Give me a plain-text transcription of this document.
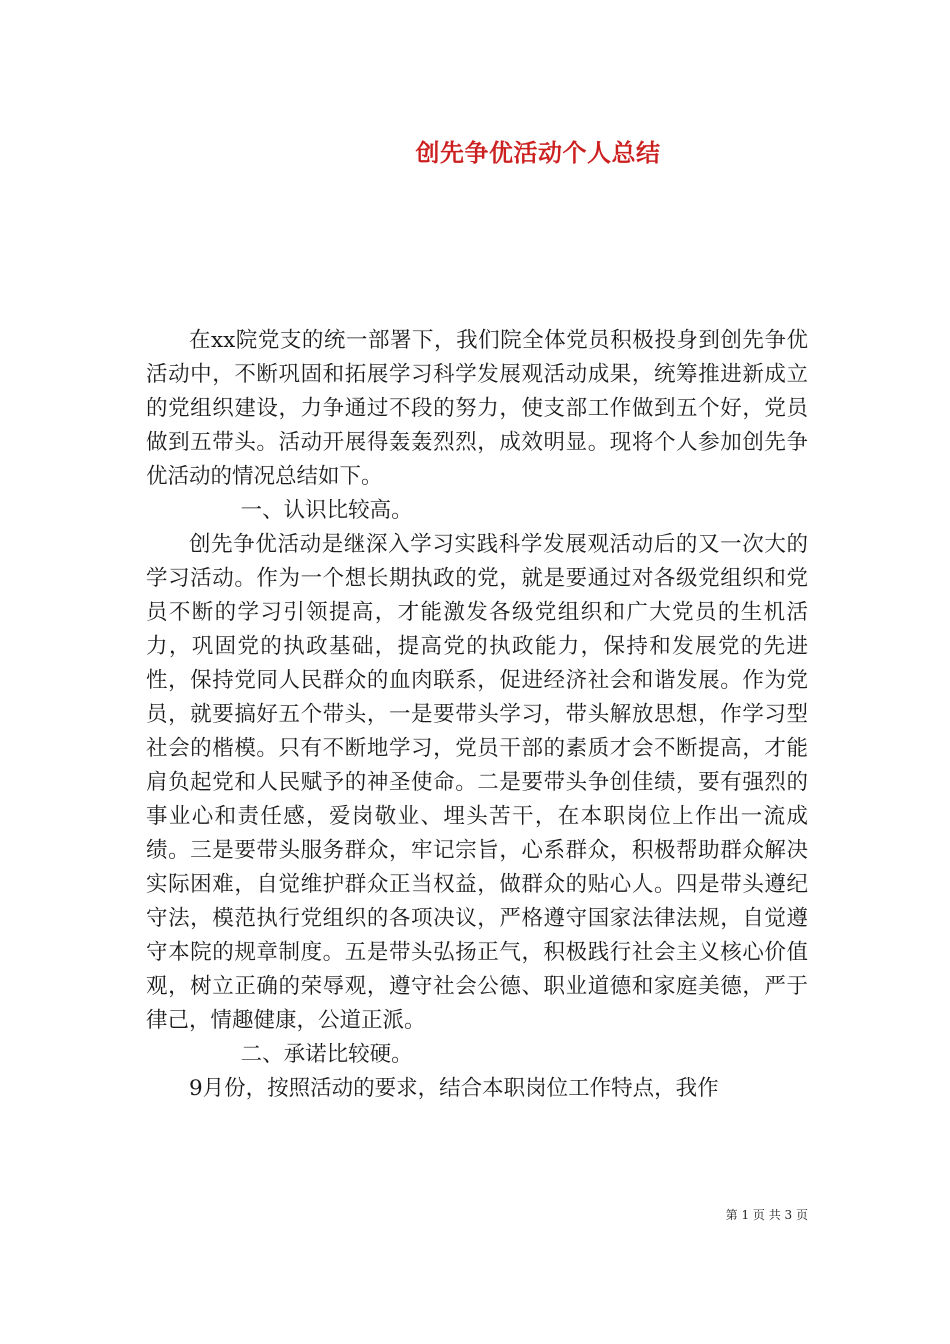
创先争优活动个人总结

在xx院党支的统一部署下，我们院全体党员积极投身到创先争优活动中，不断巩固和拓展学习科学发展观活动成果，统筹推进新成立的党组织建设，力争通过不段的努力，使支部工作做到五个好，党员做到五带头。活动开展得轰轰烈烈，成效明显。现将个人参加创先争优活动的情况总结如下。

一、认识比较高。

创先争优活动是继深入学习实践科学发展观活动后的又一次大的学习活动。作为一个想长期执政的党，就是要通过对各级党组织和党员不断的学习引领提高，才能激发各级党组织和广大党员的生机活力，巩固党的执政基础，提高党的执政能力，保持和发展党的先进性，保持党同人民群众的血肉联系，促进经济社会和谐发展。作为党员，就要搞好五个带头，一是要带头学习，带头解放思想，作学习型社会的楷模。只有不断地学习，党员干部的素质才会不断提高，才能肩负起党和人民赋予的神圣使命。二是要带头争创佳绩，要有强烈的事业心和责任感，爱岗敬业、埋头苦干，在本职岗位上作出一流成绩。三是要带头服务群众，牢记宗旨，心系群众，积极帮助群众解决实际困难，自觉维护群众正当权益，做群众的贴心人。四是带头遵纪守法，模范执行党组织的各项决议，严格遵守国家法律法规，自觉遵守本院的规章制度。五是带头弘扬正气，积极践行社会主义核心价值观，树立正确的荣辱观，遵守社会公德、职业道德和家庭美德，严于律己，情趣健康，公道正派。

二、承诺比较硬。

9月份，按照活动的要求，结合本职岗位工作特点，我作

第 1 页 共 3 页
